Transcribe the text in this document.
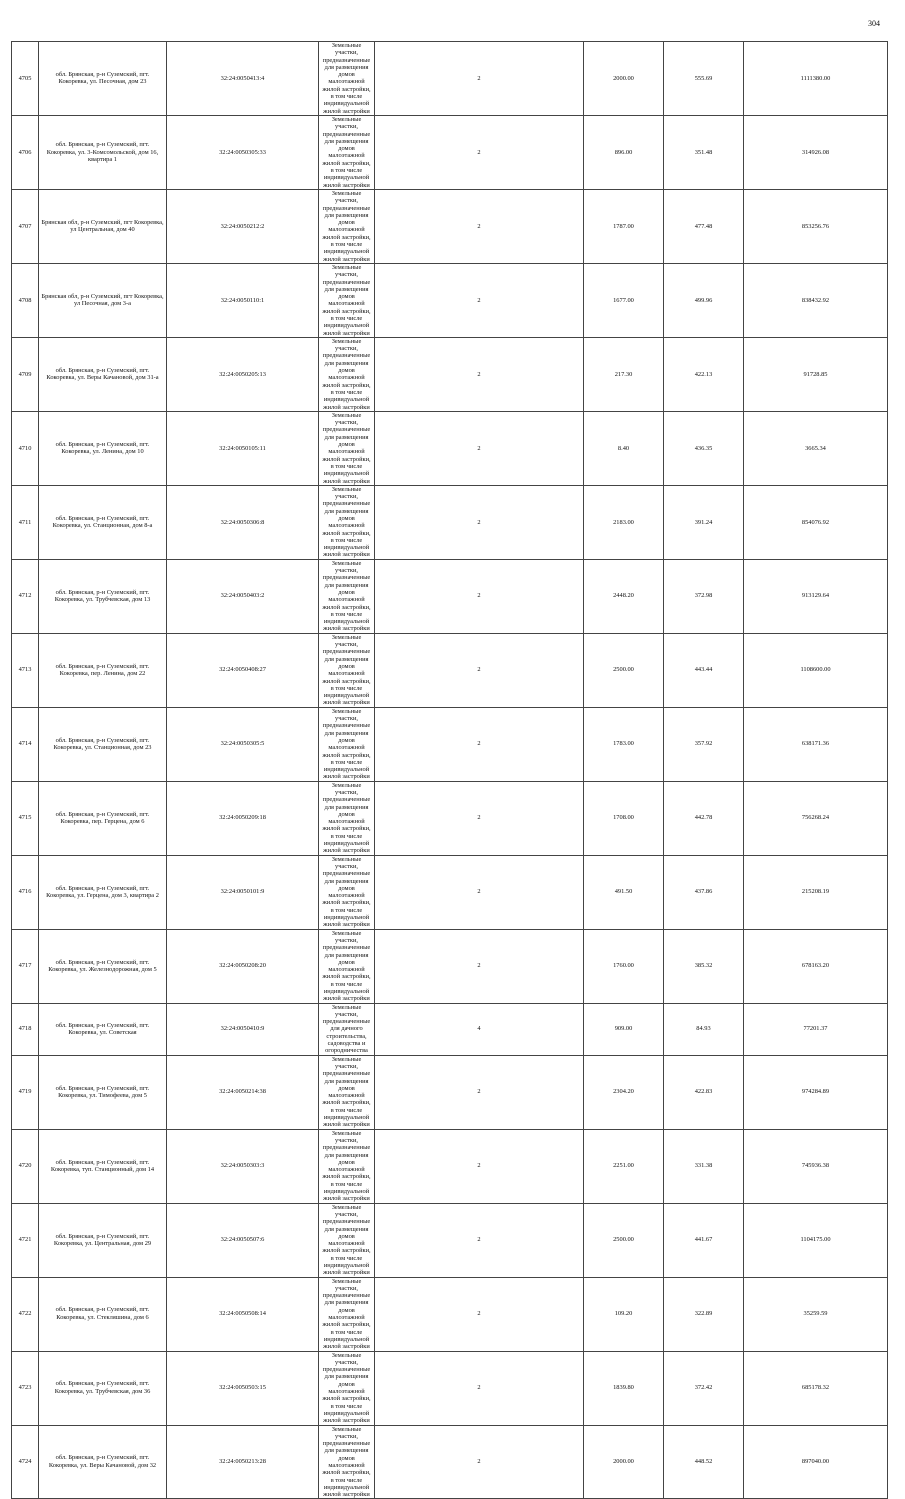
304
4705	обл. Брянская, р-н Суземский, пгт. Кокоревка, ул. Песочная, дом 23	32:24:0050413:4	Земельные участки, предназначенные для размещения домов малоэтажной жилой застройки, в том числе индивидуальной жилой застройки	2	2000.00	555.69	1111380.00
4706	обл. Брянская, р-н Суземский, пгт. Кокоревка, ул. 3-Комсомольской, дом 16, квартира 1	32:24:0050305:33	Земельные участки, предназначенные для размещения домов малоэтажной жилой застройки, в том числе индивидуальной жилой застройки	2	896.00	351.48	314926.08
4707	Брянская обл, р-н Суземский, пгт Кокоревка, ул Центральная, дом 40	32:24:0050212:2	Земельные участки, предназначенные для размещения домов малоэтажной жилой застройки, в том числе индивидуальной жилой застройки	2	1787.00	477.48	853256.76
4708	Брянская обл, р-н Суземский, пгт Кокоревка, ул Песочная, дом 3-а	32:24:0050110:1	Земельные участки, предназначенные для размещения домов малоэтажной жилой застройки, в том числе индивидуальной жилой застройки	2	1677.00	499.96	838432.92
4709	обл. Брянская, р-н Суземский, пгт. Кокоревка, ул. Веры Качановой, дом 31-а	32:24:0050205:13	Земельные участки, предназначенные для размещения домов малоэтажной жилой застройки, в том числе индивидуальной жилой застройки	2	217.30	422.13	91728.85
4710	обл. Брянская, р-н Суземский, пгт. Кокоревка, ул. Ленина, дом 10	32:24:0050105:11	Земельные участки, предназначенные для размещения домов малоэтажной жилой застройки, в том числе индивидуальной жилой застройки	2	8.40	436.35	3665.34
4711	обл. Брянская, р-н Суземский, пгт. Кокоревка, ул. Станционная, дом 8-а	32:24:0050306:8	Земельные участки, предназначенные для размещения домов малоэтажной жилой застройки, в том числе индивидуальной жилой застройки	2	2183.00	391.24	854076.92
4712	обл. Брянская, р-н Суземский, пгт. Кокоревка, ул. Трубчевская, дом 13	32:24:0050403:2	Земельные участки, предназначенные для размещения домов малоэтажной жилой застройки, в том числе индивидуальной жилой застройки	2	2448.20	372.98	913129.64
4713	обл. Брянская, р-н Суземский, пгт. Кокоревка, пер. Ленина, дом 22	32:24:0050408:27	Земельные участки, предназначенные для размещения домов малоэтажной жилой застройки, в том числе индивидуальной жилой застройки	2	2500.00	443.44	1108600.00
4714	обл. Брянская, р-н Суземский, пгт. Кокоревка, ул. Станционная, дом 23	32:24:0050305:5	Земельные участки, предназначенные для размещения домов малоэтажной жилой застройки, в том числе индивидуальной жилой застройки	2	1783.00	357.92	638171.36
4715	обл. Брянская, р-н Суземский, пгт. Кокоревка, пер. Герцена, дом 6	32:24:0050209:18	Земельные участки, предназначенные для размещения домов малоэтажной жилой застройки, в том числе индивидуальной жилой застройки	2	1708.00	442.78	756268.24
4716	обл. Брянская, р-н Суземский, пгт. Кокоревка, ул. Герцена, дом 3, квартира 2	32:24:0050101:9	Земельные участки, предназначенные для размещения домов малоэтажной жилой застройки, в том числе индивидуальной жилой застройки	2	491.50	437.86	215208.19
4717	обл. Брянская, р-н Суземский, пгт. Кокоревка, ул. Железнодорожная, дом 5	32:24:0050208:20	Земельные участки, предназначенные для размещения домов малоэтажной жилой застройки, в том числе индивидуальной жилой застройки	2	1760.00	385.32	678163.20
4718	обл. Брянская, р-н Суземский, пгт. Кокоревка, ул. Советская	32:24:0050410:9	Земельные участки, предназначенные для дачного строительства, садоводства и огородничества	4	909.00	84.93	77201.37
4719	обл. Брянская, р-н Суземский, пгт. Кокоревка, ул. Тимофеева, дом 5	32:24:0050214:38	Земельные участки, предназначенные для размещения домов малоэтажной жилой застройки, в том числе индивидуальной жилой застройки	2	2304.20	422.83	974284.89
4720	обл. Брянская, р-н Суземский, пгт. Кокоревка, туп. Станционный, дом 14	32:24:0050303:3	Земельные участки, предназначенные для размещения домов малоэтажной жилой застройки, в том числе индивидуальной жилой застройки	2	2251.00	331.38	745936.38
4721	обл. Брянская, р-н Суземский, пгт. Кокоревка, ул. Центральная, дом 29	32:24:0050507:6	Земельные участки, предназначенные для размещения домов малоэтажной жилой застройки, в том числе индивидуальной жилой застройки	2	2500.00	441.67	1104175.00
4722	обл. Брянская, р-н Суземский, пгт. Кокоревка, ул. Стекляшина, дом 6	32:24:0050508:14	Земельные участки, предназначенные для размещения домов малоэтажной жилой застройки, в том числе индивидуальной жилой застройки	2	109.20	322.89	35259.59
4723	обл. Брянская, р-н Суземский, пгт. Кокоревка, ул. Трубчевская, дом 36	32:24:0050503:15	Земельные участки, предназначенные для размещения домов малоэтажной жилой застройки, в том числе индивидуальной жилой застройки	2	1839.80	372.42	685178.32
4724	обл. Брянская, р-н Суземский, пгт. Кокоревка, ул. Веры Качановой, дом 32	32:24:0050213:28	Земельные участки, предназначенные для размещения домов малоэтажной жилой застройки, в том числе индивидуальной жилой застройки	2	2000.00	448.52	897040.00
